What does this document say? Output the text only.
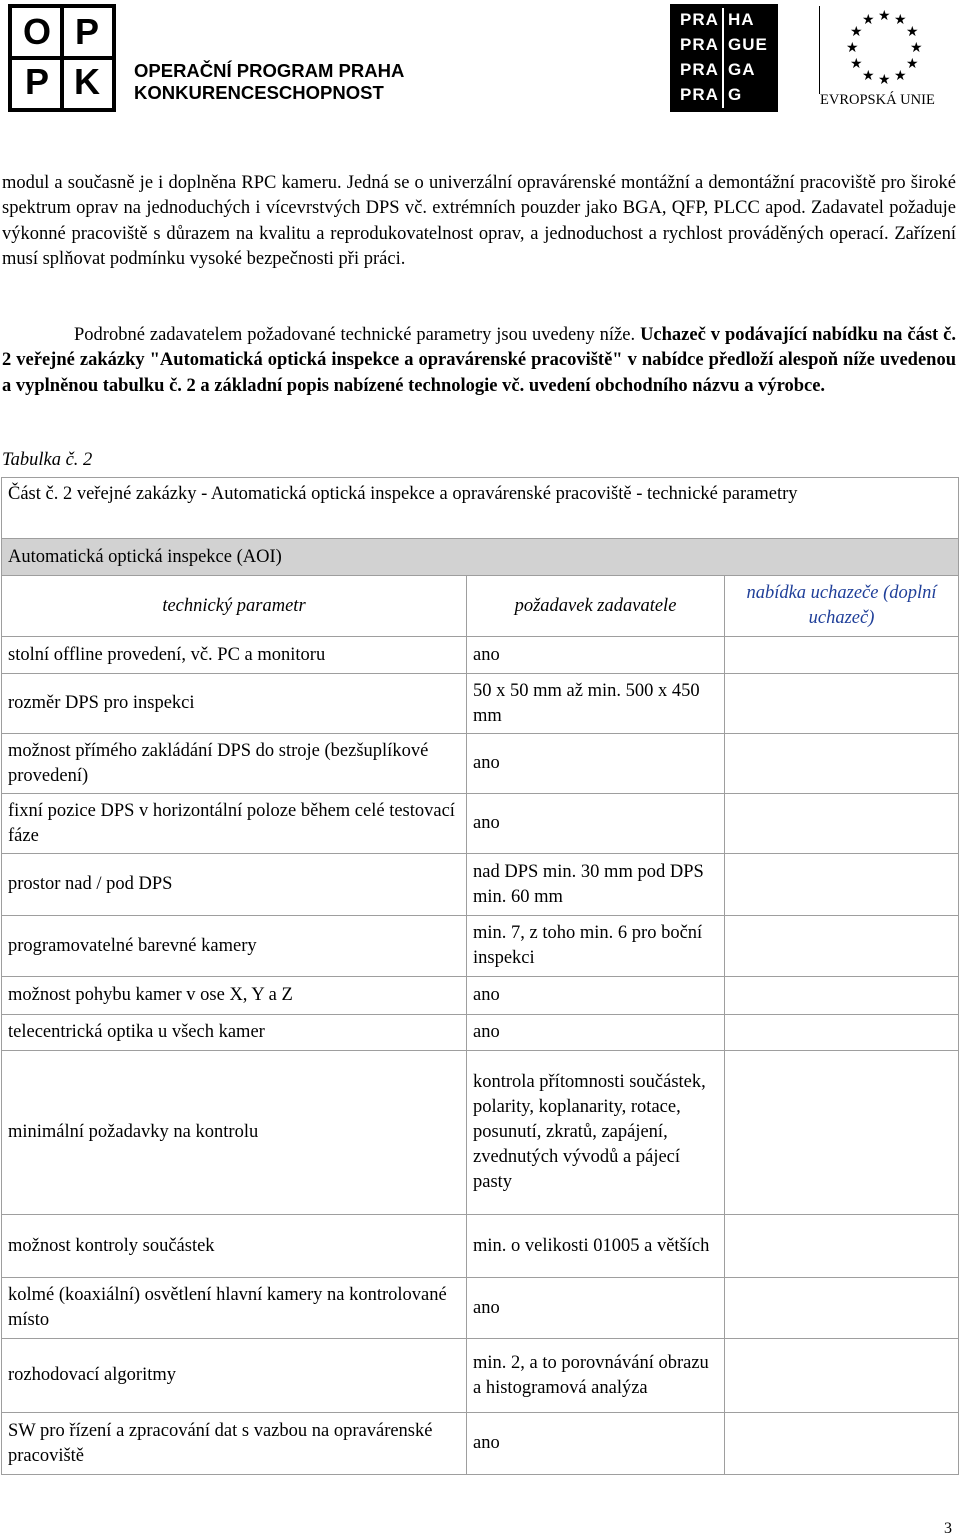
O P
P K	OPERAČNÍ PROGRAM PRAHA
KONKURENCESCHOPNOST
PRA
PRA
PRA
PRA
HA
GUE
GA
G
★ ★
★
★
★
★
★
★
★
★
★
★
EVROPSKÁ UNIE

modul a současně je i doplněna RPC kameru. Jedná se o univerzální opravárenské montážní a demontážní pracoviště pro široké spektrum oprav na jednoduchých i vícevrstvých DPS vč. extrémních pouzder jako BGA, QFP, PLCC apod. Zadavatel požaduje výkonné pracoviště s důrazem na kvalitu a reprodukovatelnost oprav, a jednoduchost a rychlost prováděných operací. Zařízení musí splňovat podmínku vysoké bezpečnosti při práci.

Podrobné zadavatelem požadované technické parametry jsou uvedeny níže. Uchazeč v podávající nabídku na část č. 2 veřejné zakázky "Automatická optická inspekce a opravárenské pracoviště" v nabídce předloží alespoň níže uvedenou a vyplněnou tabulku č. 2 a základní popis nabízené technologie vč. uvedení obchodního názvu a výrobce.

Tabulka č. 2
Část č. 2 veřejné zakázky - Automatická optická inspekce a opravárenské pracoviště - technické parametry		
Automatická optická inspekce (AOI)		
technický parametr	požadavek zadavatele	nabídka uchazeče (doplní uchazeč)
stolní offline provedení, vč. PC a monitoru	ano	
rozměr DPS pro inspekci	50 x 50 mm až min. 500 x 450 mm	
možnost přímého zakládání DPS do stroje (bezšuplíkové provedení)	ano	
fixní pozice DPS v horizontální poloze během celé testovací fáze	ano	
prostor nad / pod DPS	nad DPS min. 30 mm pod DPS min. 60 mm	
programovatelné barevné kamery	min. 7, z toho min. 6 pro boční inspekci	
možnost pohybu kamer v ose X, Y a Z	ano	
telecentrická optika u všech kamer	ano	
minimální požadavky na kontrolu	kontrola přítomnosti součástek, polarity, koplanarity, rotace, posunutí, zkratů, zapájení, zvednutých vývodů a pájecí pasty	
možnost kontroly součástek	min. o velikosti 01005 a větších	
kolmé (koaxiální) osvětlení hlavní kamery na kontrolované místo	ano	
rozhodovací algoritmy	min. 2, a to porovnávání obrazu a histogramová analýza	
SW pro řízení a zpracování dat s vazbou na opravárenské pracoviště	ano	
3
